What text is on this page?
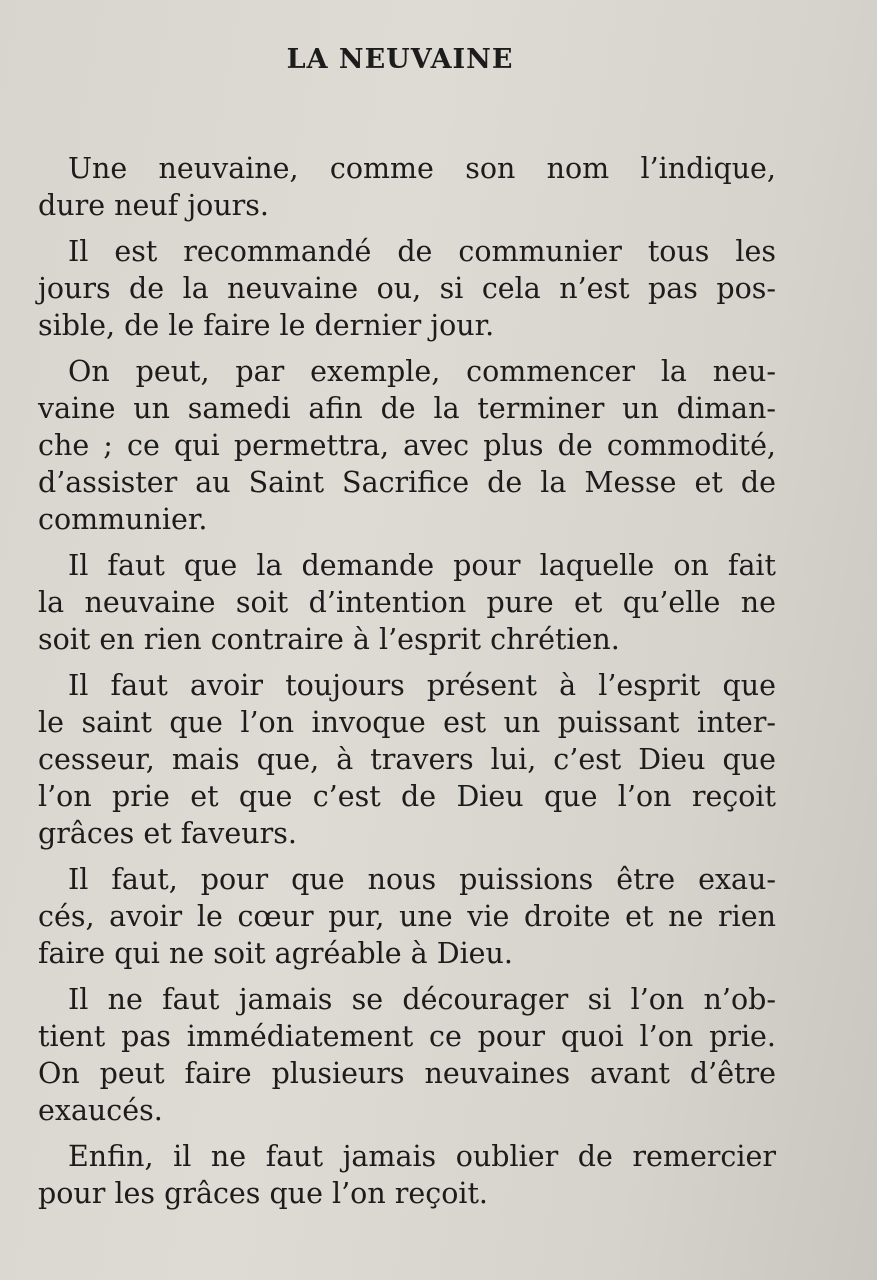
LA NEUVAINE
Une neuvaine, comme son nom l’indique,
dure neuf jours.
Il est recommandé de communier tous les
jours de la neuvaine ou, si cela n’est pas pos-
sible, de le faire le dernier jour.
On peut, par exemple, commencer la neu-
vaine un samedi afin de la terminer un diman-
che ; ce qui permettra, avec plus de commodité,
d’assister au Saint Sacrifice de la Messe et de
communier.
Il faut que la demande pour laquelle on fait
la neuvaine soit d’intention pure et qu’elle ne
soit en rien contraire à l’esprit chrétien.
Il faut avoir toujours présent à l’esprit que
le saint que l’on invoque est un puissant inter-
cesseur, mais que, à travers lui, c’est Dieu que
l’on prie et que c’est de Dieu que l’on reçoit
grâces et faveurs.
Il faut, pour que nous puissions être exau-
cés, avoir le cœur pur, une vie droite et ne rien
faire qui ne soit agréable à Dieu.
Il ne faut jamais se décourager si l’on n’ob-
tient pas immédiatement ce pour quoi l’on prie.
On peut faire plusieurs neuvaines avant d’être
exaucés.
Enfin, il ne faut jamais oublier de remercier
pour les grâces que l’on reçoit.
